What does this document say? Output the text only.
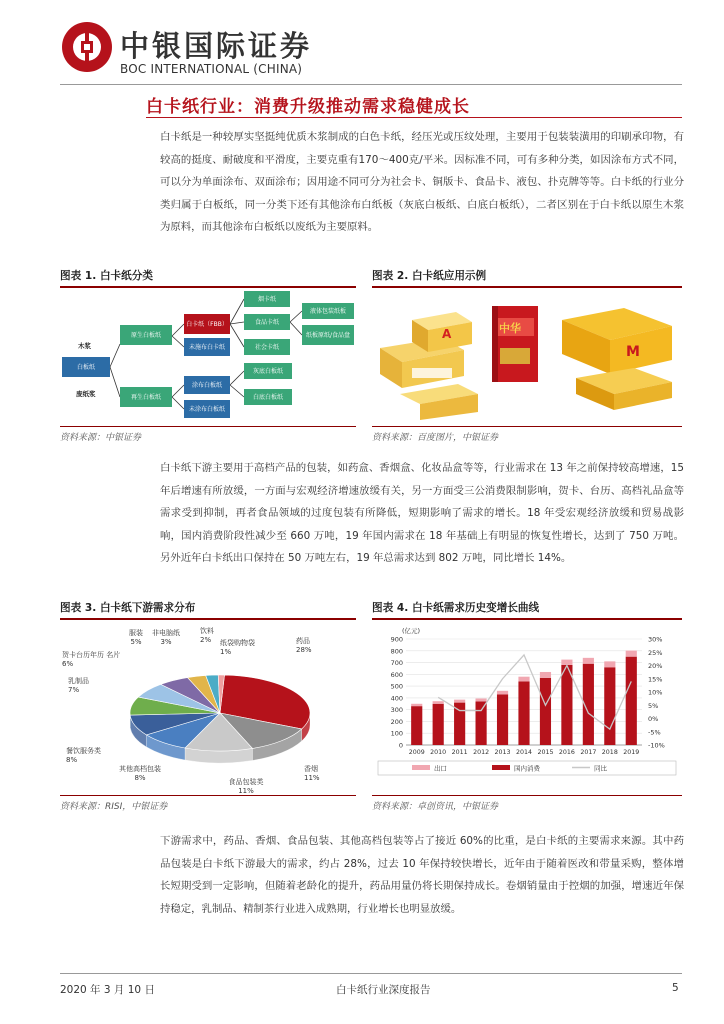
中银国际证券
BOC INTERNATIONAL (CHINA)
白卡纸行业：消费升级推动需求稳健成长

白卡纸是一种较厚实坚挺纯优质木浆制成的白色卡纸，经压光或压纹处理，主要用于包装装潢用的印刷承印物，有较高的挺度、耐破度和平滑度，主要克重有170～400克/平米。因标准不同，可有多种分类，如因涂布方式不同，可以分为单面涂布、双面涂布；因用途不同可分为社会卡、铜版卡、食品卡、液包、扑克牌等等。白卡纸的行业分类归属于白板纸，同一分类下还有其他涂布白纸板（灰底白板纸、白底白板纸），二者区别在于白卡纸以原生木浆为原料，而其他涂布白板纸以废纸为主要原料。

图表 1. 白卡纸分类
木浆
废纸浆
白板纸
原生白板纸
再生白板纸
白卡纸（FBB）
未施布白卡纸
涂布白板纸
未涂布白板纸
烟卡纸
食品卡纸
社会卡纸
液体包装纸板
纸板原纸/食品盘
灰底白板纸
白底白板纸
资料来源：中银证券
图表 2. 白卡纸应用示例
A	中华
M
资料来源：百度图片，中银证券

白卡纸下游主要用于高档产品的包装，如药盒、香烟盒、化妆品盒等等，行业需求在 13 年之前保持较高增速，15 年后增速有所放缓，一方面与宏观经济增速放缓有关，另一方面受三公消费限制影响，贺卡、台历、高档礼品盒等需求受到抑制，再者食品领域的过度包装有所降低，短期影响了需求的增长。18 年受宏观经济放缓和贸易战影响，国内消费阶段性减少至 660 万吨，19 年国内需求在 18 年基础上有明显的恢复性增长，达到了 750 万吨。另外近年白卡纸出口保持在 50 万吨左右，19 年总需求达到 802 万吨，同比增长 14%。

图表 3. 白卡纸下游需求分布
药品 28%
香烟 11%
食品包装类 11%
其他高档包装 8%
餐饮服务类 8%
乳制品 7%
贺卡台历年历 名片 6%
服装 5%
非电脑纸 3%
饮料 2%	纸袋购物袋 1%
资料来源：RISI，中银证券
图表 4. 白卡纸需求历史变增长曲线
(亿元)
0
100
200
300
400
500
600
700
800
900
-10%
-5%
0%
5%
10%
15%
20%
25%
30%
2009 2010 2011 2012 2013 2014 2015 2016 2017 2018 2019
出口	国内消费	同比
资料来源：卓创资讯，中银证券

下游需求中，药品、香烟、食品包装、其他高档包装等占了接近 60%的比重，是白卡纸的主要需求来源。其中药品包装是白卡纸下游最大的需求，约占 28%，过去 10 年保持较快增长，近年由于随着医改和带量采购，整体增长短期受到一定影响，但随着老龄化的提升，药品用量仍将长期保持成长。卷烟销量由于控烟的加强，增速近年保持稳定，乳制品、精制茶行业进入成熟期，行业增长也明显放缓。

2020 年 3 月 10 日	白卡纸行业深度报告	5
